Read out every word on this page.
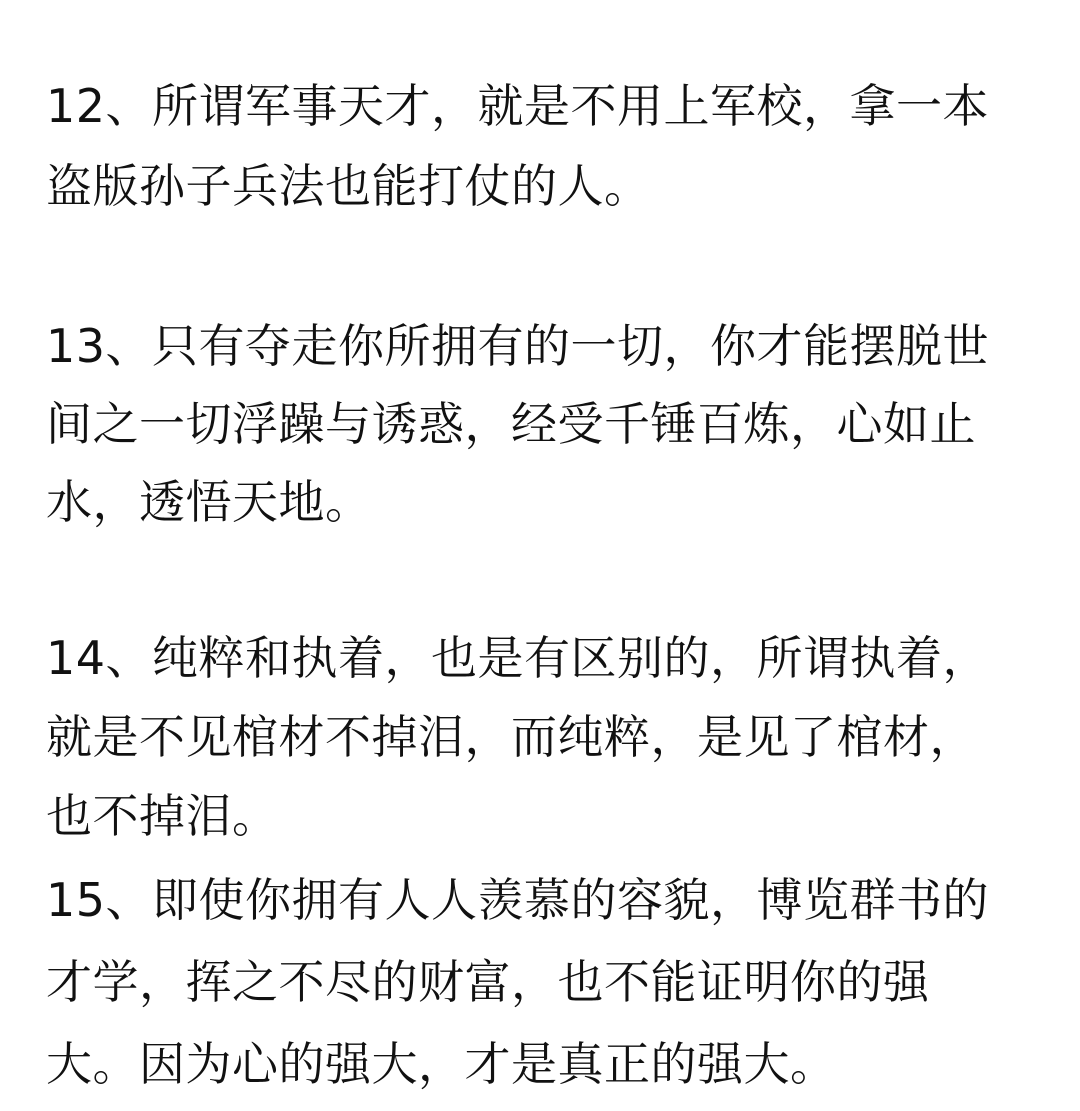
12、所谓军事天才，就是不用上军校，拿一本
盗版孙子兵法也能打仗的人。
13、只有夺走你所拥有的一切，你才能摆脱世
间之一切浮躁与诱惑，经受千锤百炼，心如止
水，透悟天地。
14、纯粹和执着，也是有区别的，所谓执着，
就是不见棺材不掉泪，而纯粹，是见了棺材，
也不掉泪。
15、即使你拥有人人羡慕的容貌，博览群书的
才学，挥之不尽的财富，也不能证明你的强
大。因为心的强大，才是真正的强大。
